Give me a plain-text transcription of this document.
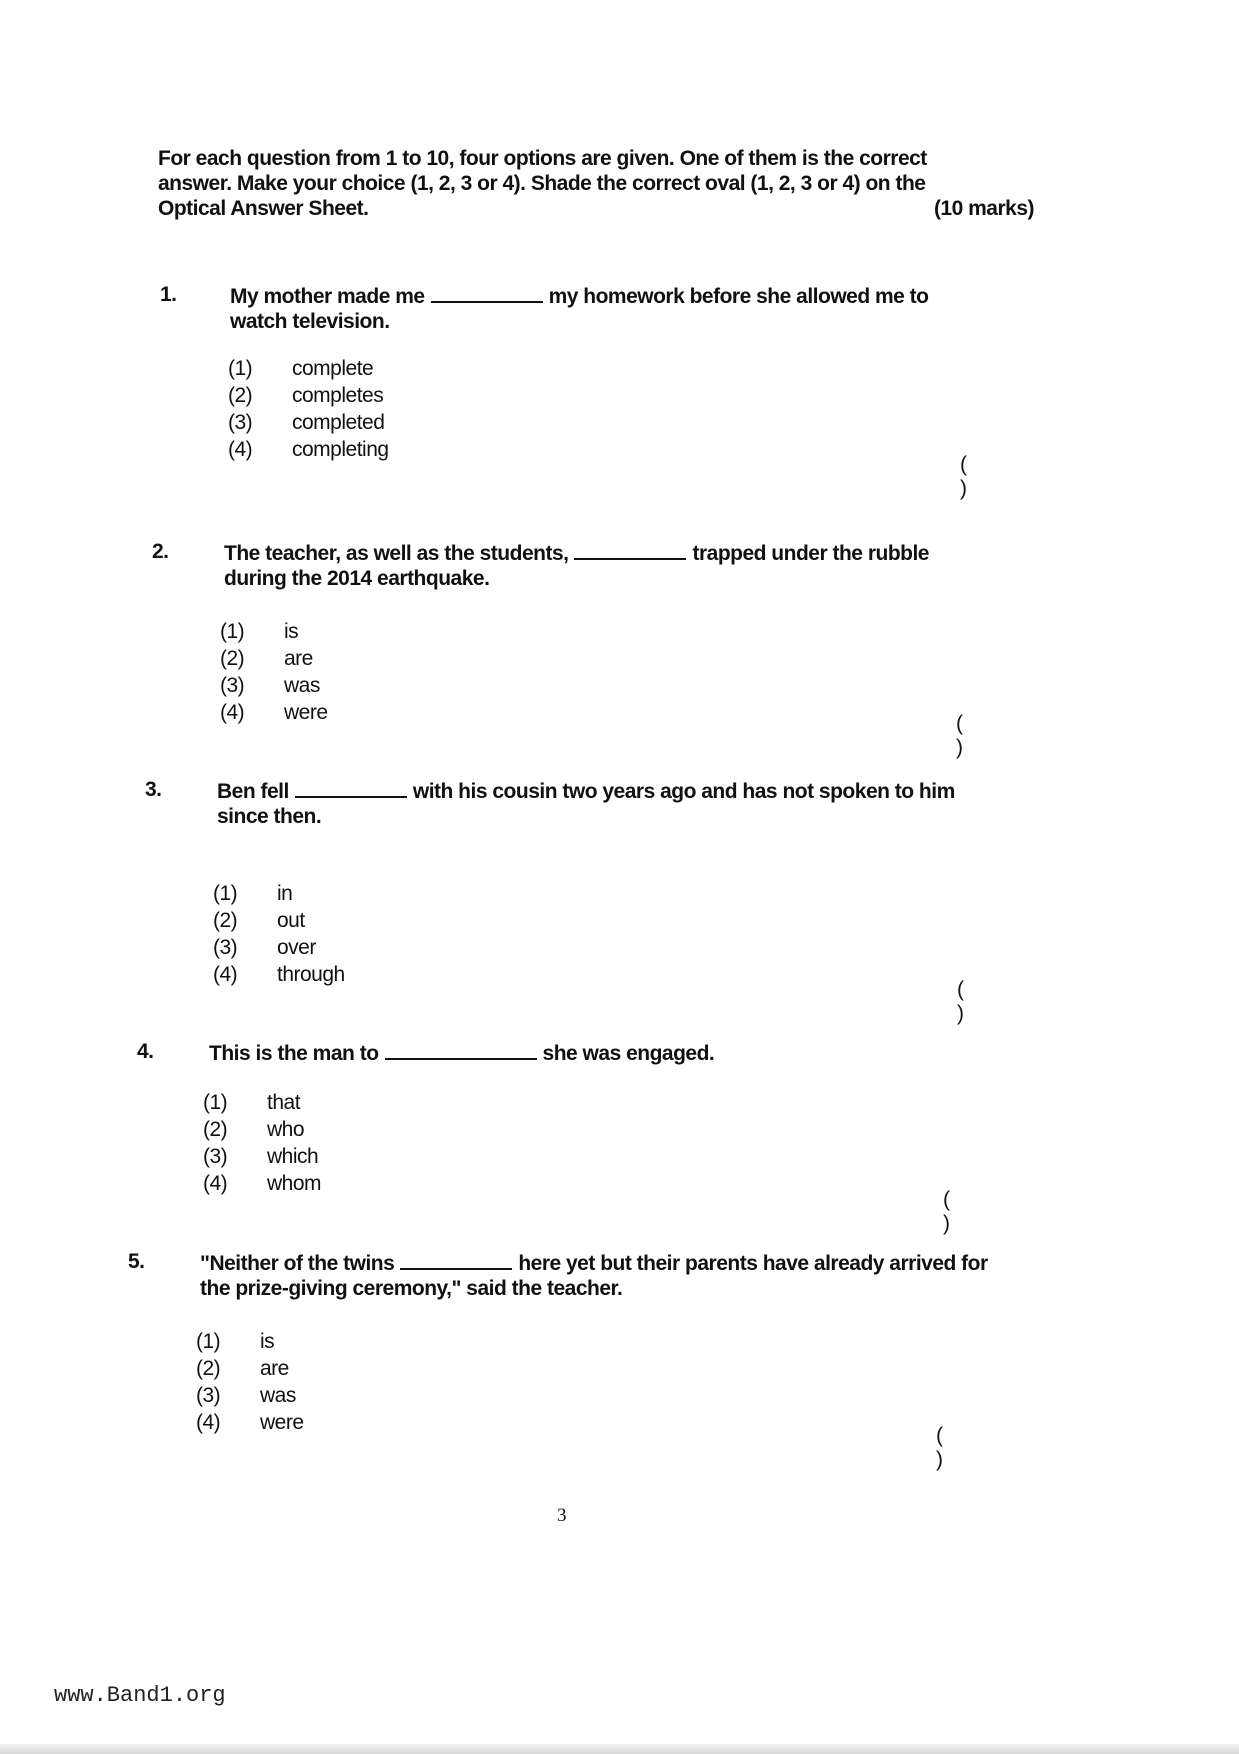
For each question from 1 to 10, four options are given. One of them is the correct
answer. Make your choice (1, 2, 3 or 4). Shade the correct oval (1, 2, 3 or 4) on the
Optical Answer Sheet.	(10 marks)
1.	My mother made me	my homework before she allowed me to watch television.
(1)	complete
(2)	completes
(3)	completed
(4)	completing
( )
2.	The teacher, as well as the students,	trapped under the rubble during the 2014 earthquake.
(1)	is
(2)	are
(3)	was
(4)	were	( )
3.	Ben fell	with his cousin two years ago and has not spoken to him since then.
(1)	in
(2)	out
(3)	over
(4)	through
( )
4.	This is the man to	she was engaged.
(1)	that
(2)	who
(3)	which
(4)	whom
( )
5.	"Neither of the twins	here yet but their parents have already arrived for the prize-giving ceremony," said the teacher.
(1)	is
(2)	are
(3)	was
(4)	were
( )
3
www.Band1.org
